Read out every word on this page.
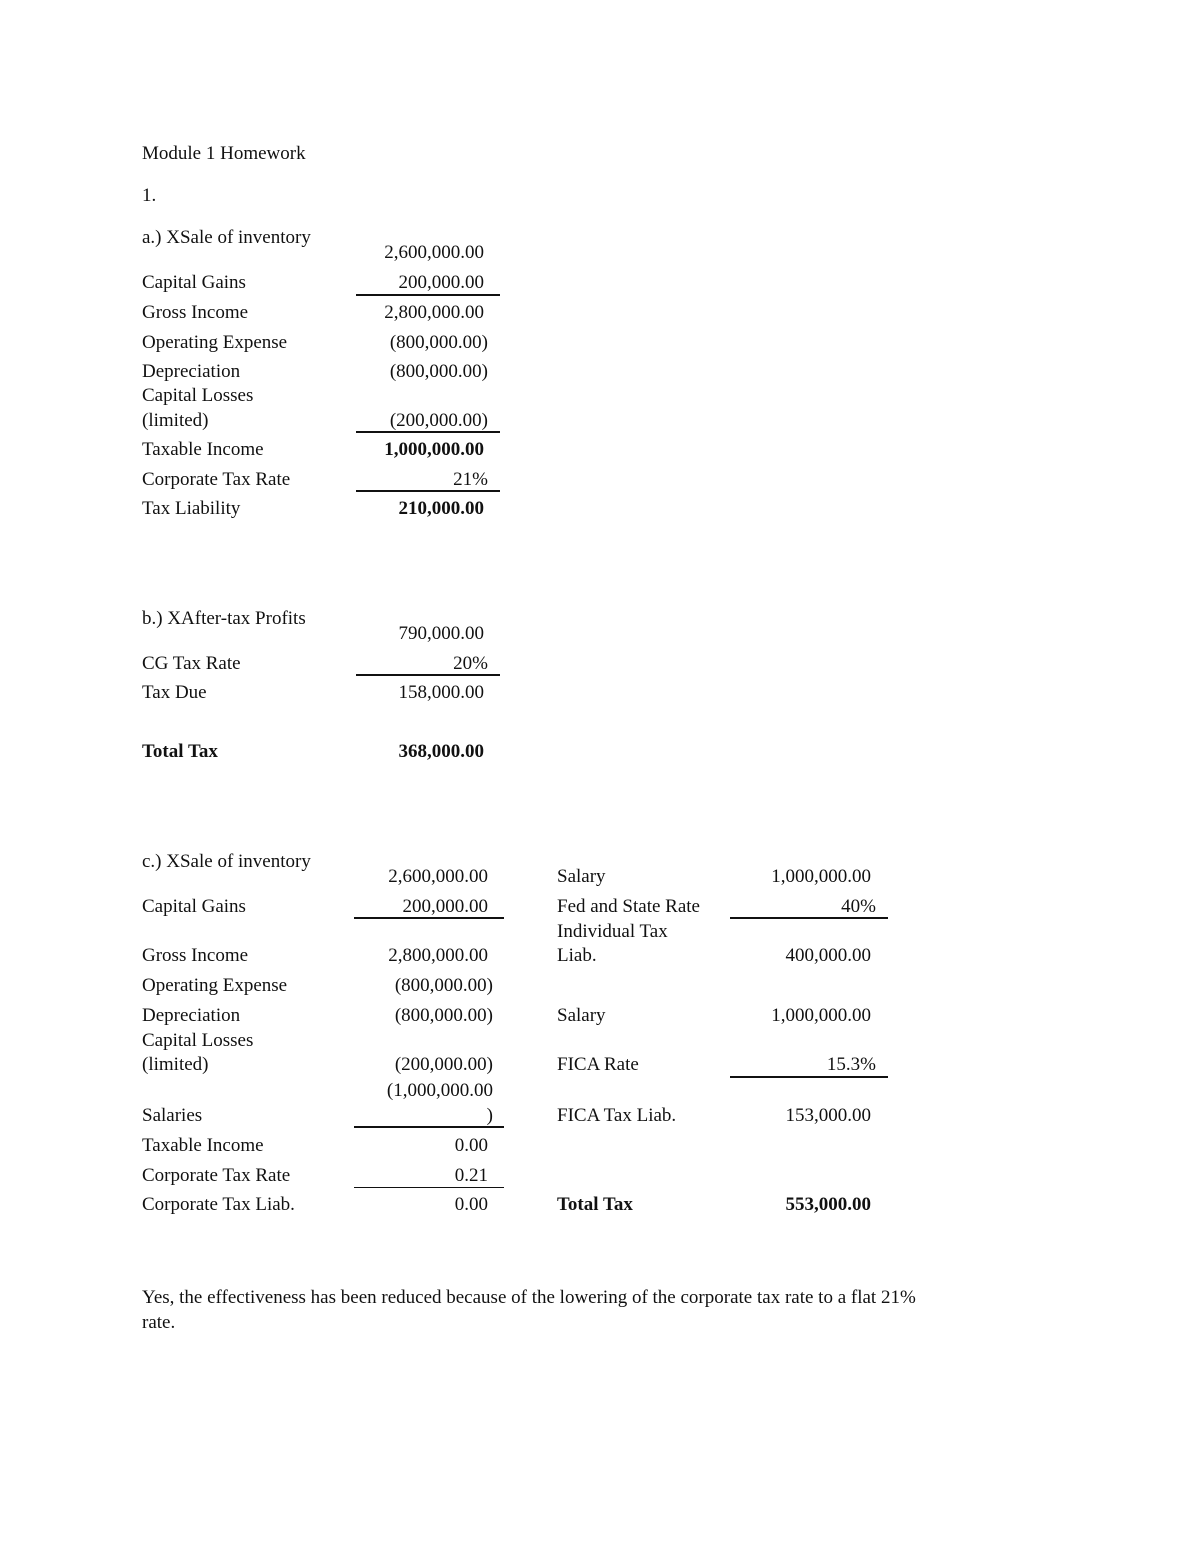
Module 1 Homework
1.
a.) XSale of inventory
2,600,000.00
Capital Gains	200,000.00
Gross Income	2,800,000.00
Operating Expense	(800,000.00)
Depreciation	(800,000.00)
Capital Losses
(limited)	(200,000.00)
Taxable Income	1,000,000.00
Corporate Tax Rate	21%
Tax Liability	210,000.00
b.) XAfter-tax Profits
790,000.00
CG Tax Rate	20%
Tax Due	158,000.00
Total Tax	368,000.00
c.) XSale of inventory
2,600,000.00
Capital Gains	200,000.00
Gross Income	2,800,000.00
Operating Expense	(800,000.00)
Depreciation	(800,000.00)
Capital Losses
(limited)	(200,000.00)
(1,000,000.00
Salaries	)
Taxable Income	0.00
Corporate Tax Rate	0.21
Corporate Tax Liab.	0.00
Salary	1,000,000.00
Fed and State Rate	40%
Individual Tax
Liab.	400,000.00
Salary	1,000,000.00
FICA Rate	15.3%
FICA Tax Liab.	153,000.00
Total Tax	553,000.00
Yes, the effectiveness has been reduced because of the lowering of the corporate tax rate to a flat 21%
rate.
